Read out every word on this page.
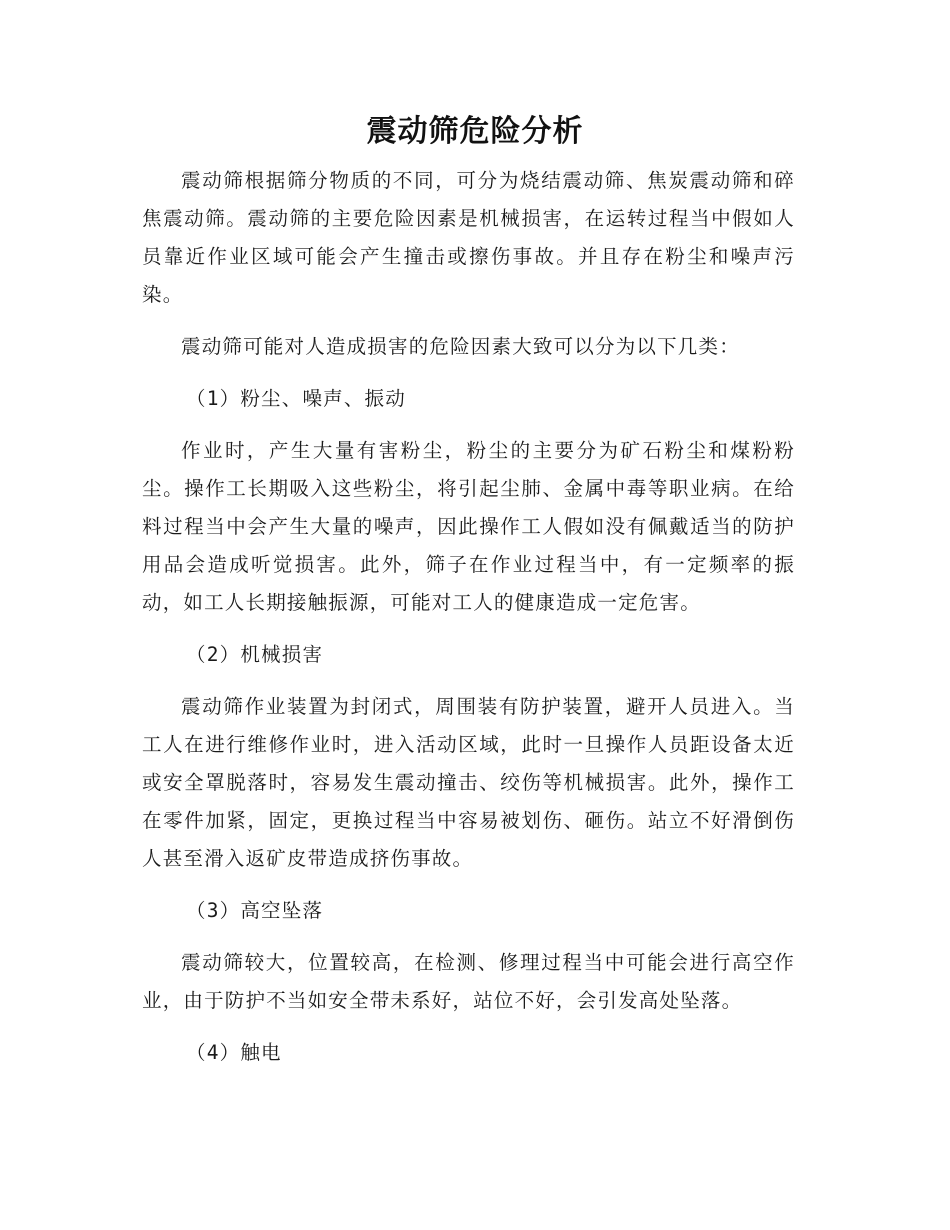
震动筛危险分析

震动筛根据筛分物质的不同，可分为烧结震动筛、焦炭震动筛和碎焦震动筛。震动筛的主要危险因素是机械损害，在运转过程当中假如人员靠近作业区域可能会产生撞击或擦伤事故。并且存在粉尘和噪声污染。

震动筛可能对人造成损害的危险因素大致可以分为以下几类：

（1）粉尘、噪声、振动

作业时，产生大量有害粉尘，粉尘的主要分为矿石粉尘和煤粉粉尘。操作工长期吸入这些粉尘，将引起尘肺、金属中毒等职业病。在给料过程当中会产生大量的噪声，因此操作工人假如没有佩戴适当的防护用品会造成听觉损害。此外，筛子在作业过程当中，有一定频率的振动，如工人长期接触振源，可能对工人的健康造成一定危害。

（2）机械损害

震动筛作业装置为封闭式，周围装有防护装置，避开人员进入。当工人在进行维修作业时，进入活动区域，此时一旦操作人员距设备太近或安全罩脱落时，容易发生震动撞击、绞伤等机械损害。此外，操作工在零件加紧，固定，更换过程当中容易被划伤、砸伤。站立不好滑倒伤人甚至滑入返矿皮带造成挤伤事故。

（3）高空坠落

震动筛较大，位置较高，在检测、修理过程当中可能会进行高空作业，由于防护不当如安全带未系好，站位不好，会引发高处坠落。

（4）触电
